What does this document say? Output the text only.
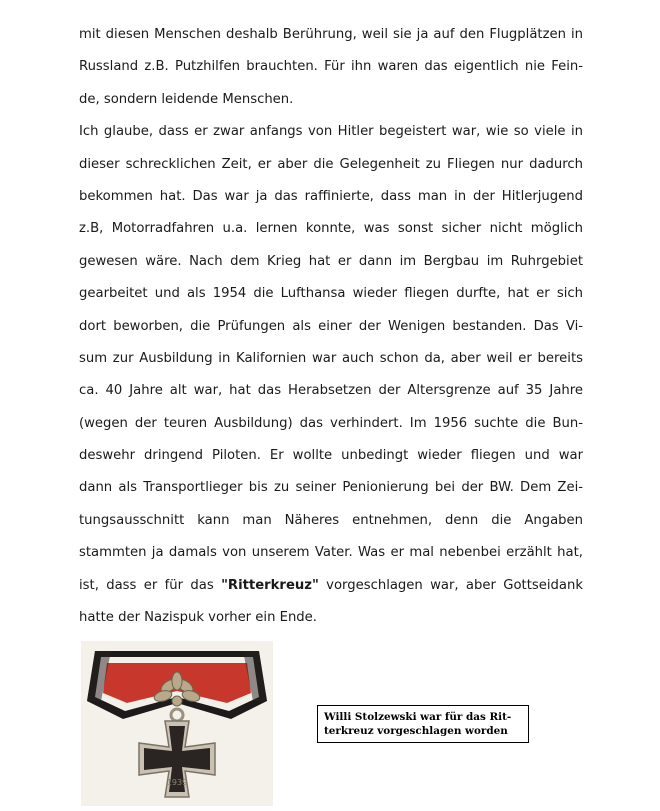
mit diesen Menschen deshalb Berührung, weil sie ja auf den Flugplätzen in
Russland z.B. Putzhilfen brauchten. Für ihn waren das eigentlich nie Fein-
de, sondern leidende Menschen.
Ich glaube, dass er zwar anfangs von Hitler begeistert war, wie so viele in
dieser schrecklichen Zeit, er aber die Gelegenheit zu Fliegen nur dadurch
bekommen hat. Das war ja das raffinierte, dass man in der Hitlerjugend
z.B, Motorradfahren u.a. lernen konnte, was sonst sicher nicht möglich
gewesen wäre. Nach dem Krieg hat er dann im Bergbau im Ruhrgebiet
gearbeitet und als 1954 die Lufthansa wieder fliegen durfte, hat er sich
dort beworben, die Prüfungen als einer der Wenigen bestanden. Das Vi-
sum zur Ausbildung in Kalifornien war auch schon da, aber weil er bereits
ca. 40 Jahre alt war, hat das Herabsetzen der Altersgrenze auf 35 Jahre
(wegen der teuren Ausbildung) das verhindert. Im 1956 suchte die Bun-
deswehr dringend Piloten. Er wollte unbedingt wieder fliegen und war
dann als Transportlieger bis zu seiner Penionierung bei der BW. Dem Zei-
tungsausschnitt kann man Näheres entnehmen, denn die Angaben
stammten ja damals von unserem Vater. Was er mal nebenbei erzählt hat,
ist, dass er für das "Ritterkreuz" vorgeschlagen war, aber Gottseidank
hatte der Nazispuk vorher ein Ende.
1939
Willi Stolzewski war für das Rit-
terkreuz vorgeschlagen worden
